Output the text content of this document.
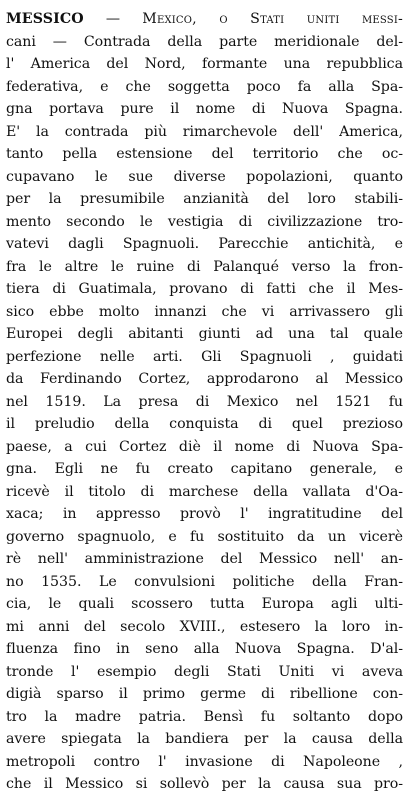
MESSICO — Mexico, o Stati uniti messi-
cani — Contrada della parte meridionale del-
l' America del Nord, formante una repubblica
federativa, e che soggetta poco fa alla Spa-
gna portava pure il nome di Nuova Spagna.
E' la contrada più rimarchevole dell' America,
tanto pella estensione del territorio che oc-
cupavano le sue diverse popolazioni, quanto
per la presumibile anzianità del loro stabili-
mento secondo le vestigia di civilizzazione tro-
vatevi dagli Spagnuoli. Parecchie antichità, e
fra le altre le ruine di Palanqué verso la fron-
tiera di Guatimala, provano di fatti che il Mes-
sico ebbe molto innanzi che vi arrivassero gli
Europei degli abitanti giunti ad una tal quale
perfezione nelle arti. Gli Spagnuoli , guidati
da Ferdinando Cortez, approdarono al Messico
nel 1519. La presa di Mexico nel 1521 fu
il preludio della conquista di quel prezioso
paese, a cui Cortez diè il nome di Nuova Spa-
gna. Egli ne fu creato capitano generale, e
ricevè il titolo di marchese della vallata d'Oa-
xaca; in appresso provò l' ingratitudine del
governo spagnuolo, e fu sostituito da un vicerè
rè nell' amministrazione del Messico nell' an-
no 1535. Le convulsioni politiche della Fran-
cia, le quali scossero tutta Europa agli ulti-
mi anni del secolo XVIII., estesero la loro in-
fluenza fino in seno alla Nuova Spagna. D'al-
tronde l' esempio degli Stati Uniti vi aveva
digià sparso il primo germe di ribellione con-
tro la madre patria. Bensì fu soltanto dopo
avere spiegata la bandiera per la causa della
metropoli contro l' invasione di Napoleone ,
che il Messico si sollevò per la causa sua pro-
